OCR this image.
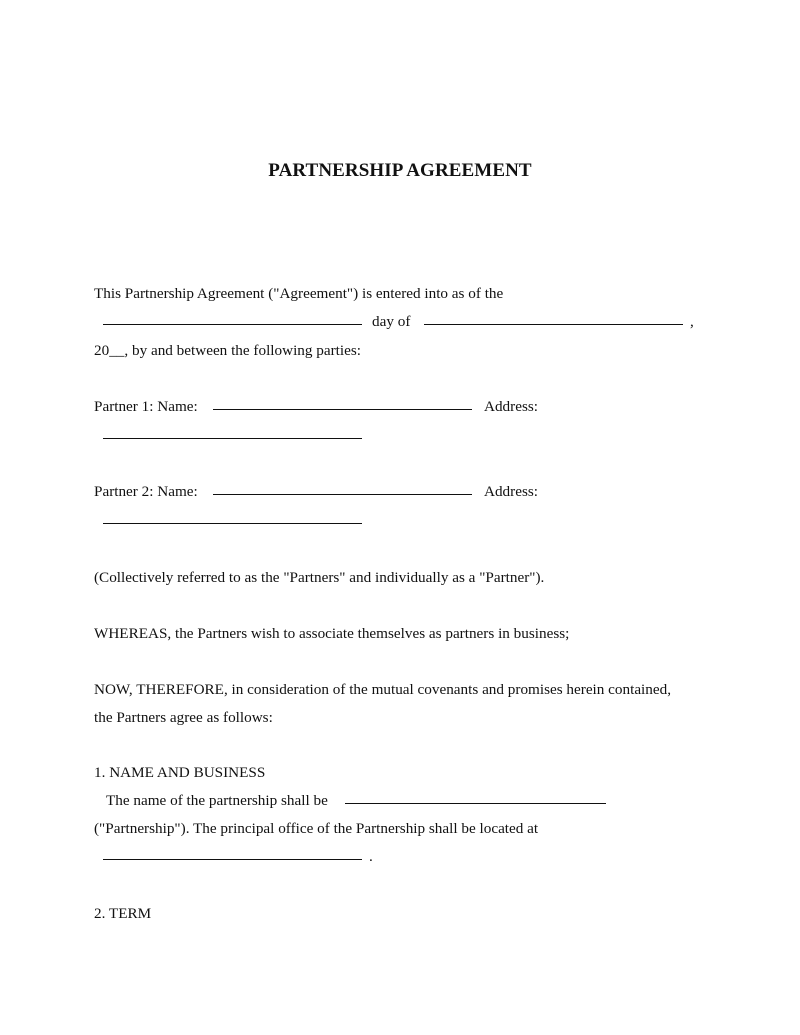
PARTNERSHIP AGREEMENT
This Partnership Agreement ("Agreement") is entered into as of the
day of	,
20__, by and between the following parties:
Partner 1: Name:	Address:
Partner 2: Name:	Address:
(Collectively referred to as the "Partners" and individually as a "Partner").
WHEREAS, the Partners wish to associate themselves as partners in business;
NOW, THEREFORE, in consideration of the mutual covenants and promises herein contained,
the Partners agree as follows:
1. NAME AND BUSINESS
The name of the partnership shall be
("Partnership"). The principal office of the Partnership shall be located at
.
2. TERM
